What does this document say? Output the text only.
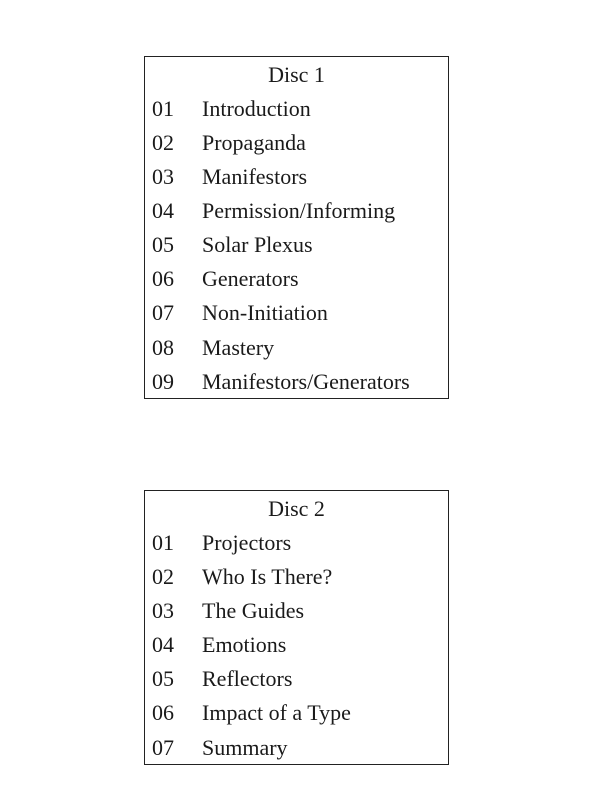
Disc 1
01 Introduction
02 Propaganda
03 Manifestors
04 Permission/Informing
05 Solar Plexus
06 Generators
07 Non-Initiation
08 Mastery
09 Manifestors/Generators
Disc 2
01 Projectors
02 Who Is There?
03 The Guides
04 Emotions
05 Reflectors
06 Impact of a Type
07 Summary
